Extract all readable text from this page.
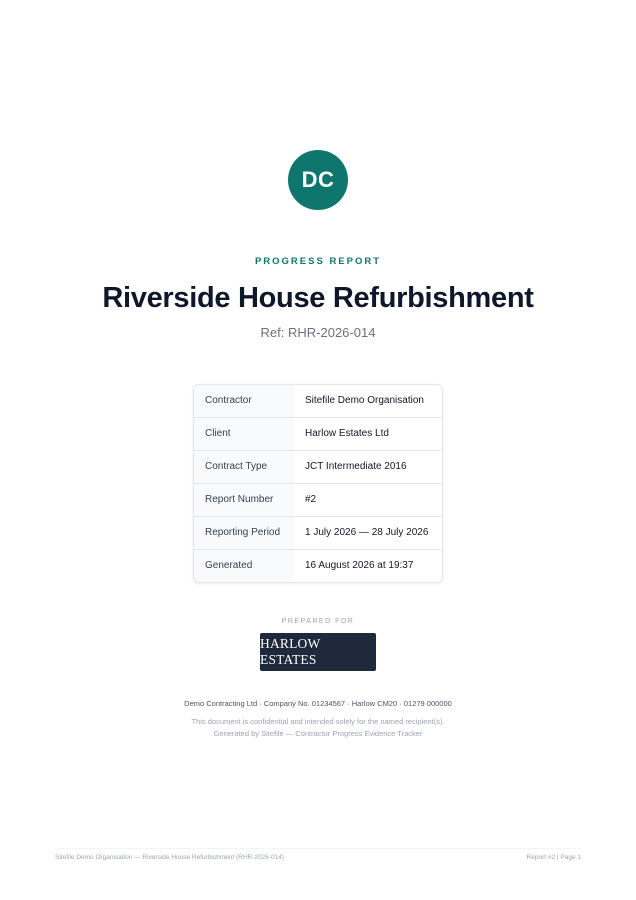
DC
PROGRESS REPORT
Riverside House Refurbishment
Ref: RHR-2026-014
Contractor	Sitefile Demo Organisation
Client	Harlow Estates Ltd
Contract Type	JCT Intermediate 2016
Report Number	#2
Reporting Period	1 July 2026 — 28 July 2026
Generated	16 August 2026 at 19:37
PREPARED FOR
HARLOW ESTATES
Demo Contracting Ltd · Company No. 01234567 · Harlow CM20 · 01279 000000
This document is confidential and intended solely for the named recipient(s).
Generated by Sitefile — Contractor Progress Evidence Tracker
Sitefile Demo Organisation — Riverside House Refurbishment (RHR-2026-014)	Report #2 | Page 1
